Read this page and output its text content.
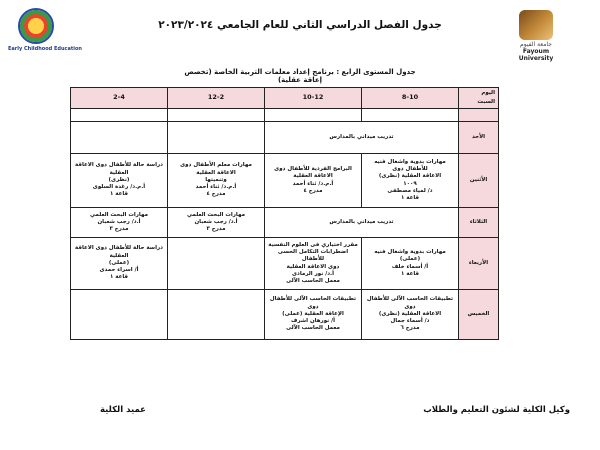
جامعة الفيوم
Fayoum University
Early Childhood Education
جدول الفصل الدراسي الثاني للعام الجامعي ٢٠٢٣/٢٠٢٤
جدول المستوى الرابع : برنامج إعداد معلمات التربية الخاصة (تخصص إعاقة عقلية)
اليوم
السبت	8-10	10-12	12-2	2-4

الأحد	تدريب ميداني بالمدارس			
الأثنين	مهارات بدوية واشغال فنيه للأطفال ذوى
الاعاقة العقلية (نظرى)
١٠٠٩
د/ لمياء مصطفى
قاعة ١	البرامج الفردية للأطفال ذوى
الاعاقة العقلية
أ.م.د/ ثناء أحمد
مدرج ٤	مهارات معلم الأطفال ذوى الاعاقة العقلية
وتنميتها
أ.م.د/ ثناء أحمد
مدرج ٤	دراسة حالة للأطفال ذوى الاعاقة العقلية
(نظرى)
أ.م.د/ رغدة السلوى
قاعة ١

الثلاثاء	تدريب ميداني بالمدارس		مهارات البحث العلمي
أ.د/ رجب شعبان
مدرج ٣	مهارات البحث العلمي
أ.د/ رجب شعبان
مدرج ٣

الأربعاء	مهارات بدوية واشغال فنيه (عملى)
أ/ أسماء خلف
قاعة ١	مقرر اختياري فى العلوم النفسية
اضطرابات التكامل الحسى للأطفال
ذوى الاعاقة العقلية
أ.د/ نور الرمادى
معمل الحاسب الآلى		دراسة حالة للأطفال ذوى الاعاقة العقلية
(عملى)
أ/ اسراء حمدى
قاعة ١

الخميس	تطبيقات الحاسب الآلى للأطفال ذوى
الاعاقة العقلية (نظرى)
د/ أسماء جمال
مدرج ٦	تطبيقات الحاسب الآلى للأطفال ذوى
الإعاقة العقلية (عملى)
أ/ نورهان اشرف
معمل الحاسب الآلى		

وكيل الكلية لشئون التعليم والطلاب
عميد الكلية
